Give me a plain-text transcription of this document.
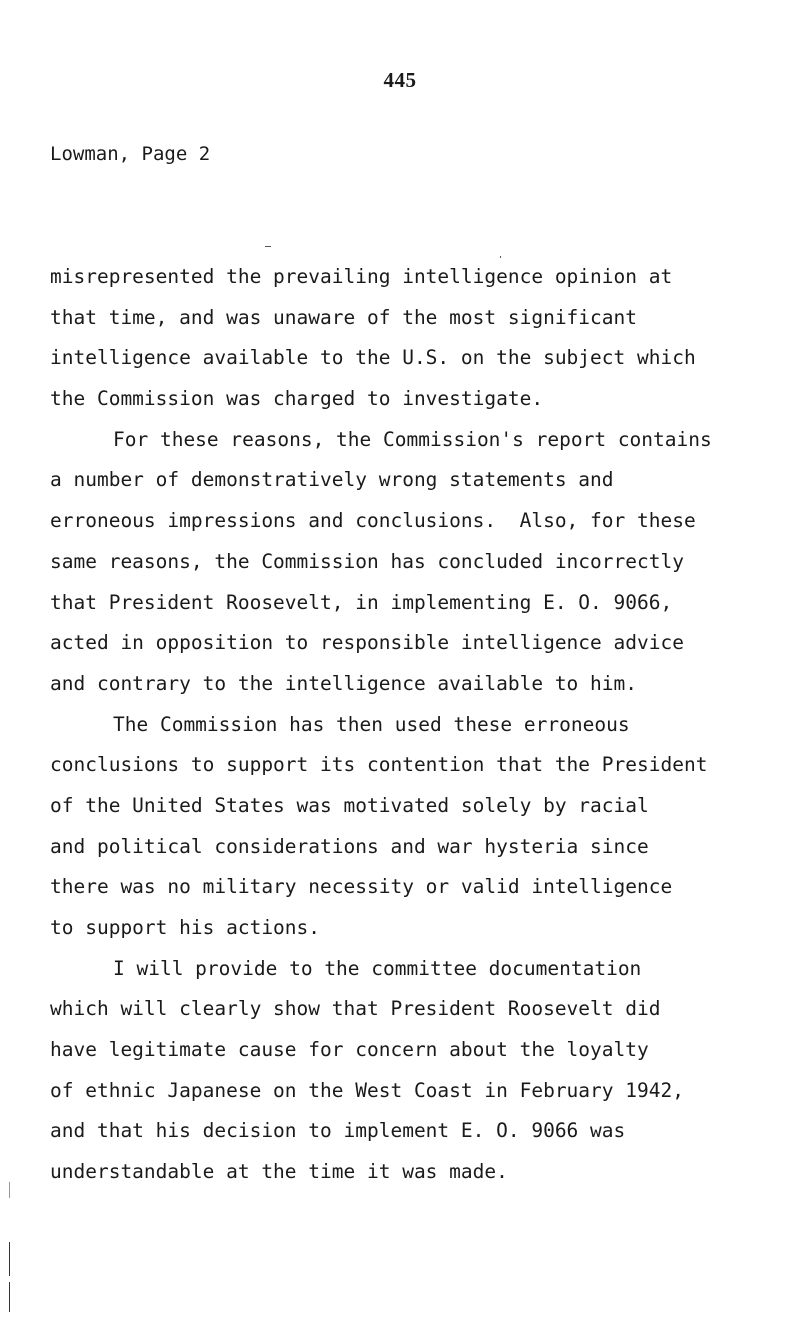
445
Lowman, Page 2
misrepresented the prevailing intelligence opinion at
that time, and was unaware of the most significant
intelligence available to the U.S. on the subject which
the Commission was charged to investigate.
For these reasons, the Commission's report contains
a number of demonstratively wrong statements and
erroneous impressions and conclusions.  Also, for these
same reasons, the Commission has concluded incorrectly
that President Roosevelt, in implementing E. O. 9066,
acted in opposition to responsible intelligence advice
and contrary to the intelligence available to him.
The Commission has then used these erroneous
conclusions to support its contention that the President
of the United States was motivated solely by racial
and political considerations and war hysteria since
there was no military necessity or valid intelligence
to support his actions.
I will provide to the committee documentation
which will clearly show that President Roosevelt did
have legitimate cause for concern about the loyalty
of ethnic Japanese on the West Coast in February 1942,
and that his decision to implement E. O. 9066 was
understandable at the time it was made.
